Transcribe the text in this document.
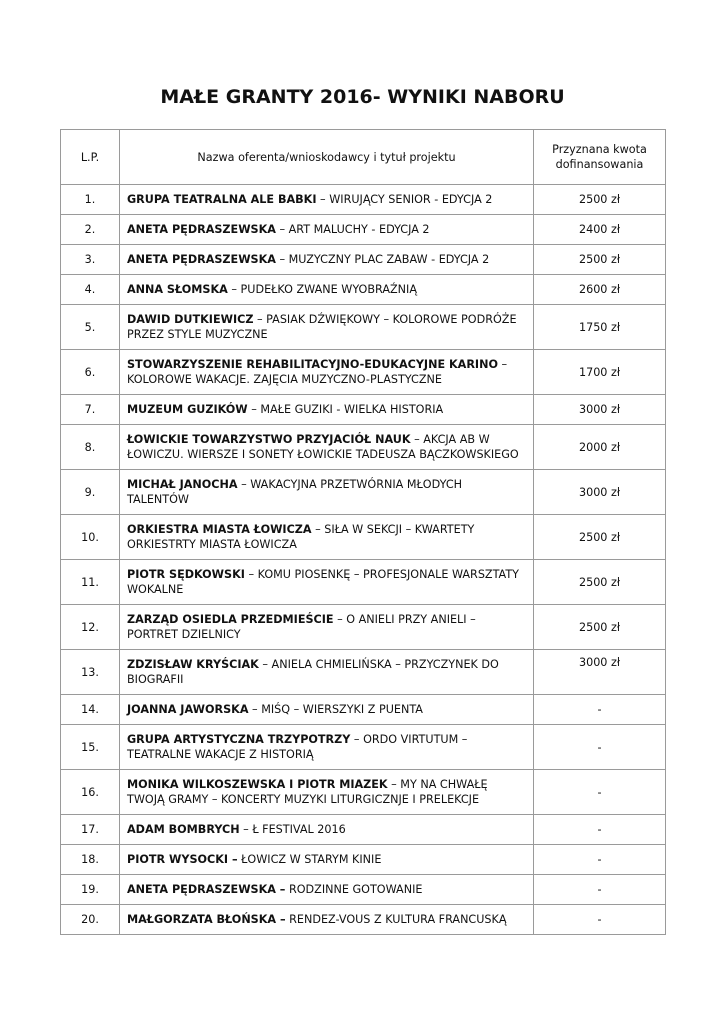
MAŁE GRANTY 2016- WYNIKI NABORU
L.P.	Nazwa oferenta/wnioskodawcy i tytuł projektu	Przyznana kwota
dofinansowania
1.	GRUPA TEATRALNA ALE BABKI – WIRUJĄCY SENIOR - EDYCJA 2	2500 zł
2.	ANETA PĘDRASZEWSKA – ART MALUCHY - EDYCJA 2	2400 zł
3.	ANETA PĘDRASZEWSKA – MUZYCZNY PLAC ZABAW - EDYCJA 2	2500 zł
4.	ANNA SŁOMSKA – PUDEŁKO ZWANE WYOBRAŹNIĄ	2600 zł
5.	DAWID DUTKIEWICZ – PASIAK DŹWIĘKOWY – KOLOROWE PODRÓŻE PRZEZ STYLE MUZYCZNE	1750 zł
6.	STOWARZYSZENIE REHABILITACYJNO-EDUKACYJNE KARINO – KOLOROWE WAKACJE. ZAJĘCIA MUZYCZNO-PLASTYCZNE	1700 zł
7.	MUZEUM GUZIKÓW – MAŁE GUZIKI - WIELKA HISTORIA	3000 zł
8.	ŁOWICKIE TOWARZYSTWO PRZYJACIÓŁ NAUK – AKCJA AB W ŁOWICZU. WIERSZE I SONETY ŁOWICKIE TADEUSZA BĄCZKOWSKIEGO	2000 zł
9.	MICHAŁ JANOCHA – WAKACYJNA PRZETWÓRNIA MŁODYCH TALENTÓW	3000 zł
10.	ORKIESTRA MIASTA ŁOWICZA – SIŁA W SEKCJI – KWARTETY ORKIESTRTY MIASTA ŁOWICZA	2500 zł
11.	PIOTR SĘDKOWSKI – KOMU PIOSENKĘ – PROFESJONALE WARSZTATY WOKALNE	2500 zł
12.	ZARZĄD OSIEDLA PRZEDMIEŚCIE – O ANIELI PRZY ANIELI – PORTRET DZIELNICY	2500 zł
13.	ZDZISŁAW KRYŚCIAK – ANIELA CHMIELIŃSKA – PRZYCZYNEK DO BIOGRAFII	3000 zł
14.	JOANNA JAWORSKA – MIŚQ – WIERSZYKI Z PUENTA	-
15.	GRUPA ARTYSTYCZNA TRZYPOTRZY – ORDO VIRTUTUM – TEATRALNE WAKACJE Z HISTORIĄ	-
16.	MONIKA WILKOSZEWSKA I PIOTR MIAZEK – MY NA CHWAŁĘ TWOJĄ GRAMY – KONCERTY MUZYKI LITURGICZNJE I PRELEKCJE	-
17.	ADAM BOMBRYCH – Ł FESTIVAL 2016	-
18.	PIOTR WYSOCKI – ŁOWICZ W STARYM KINIE	-
19.	ANETA PĘDRASZEWSKA – RODZINNE GOTOWANIE	-
20.	MAŁGORZATA BŁOŃSKA – RENDEZ-VOUS Z KULTURA FRANCUSKĄ	-
